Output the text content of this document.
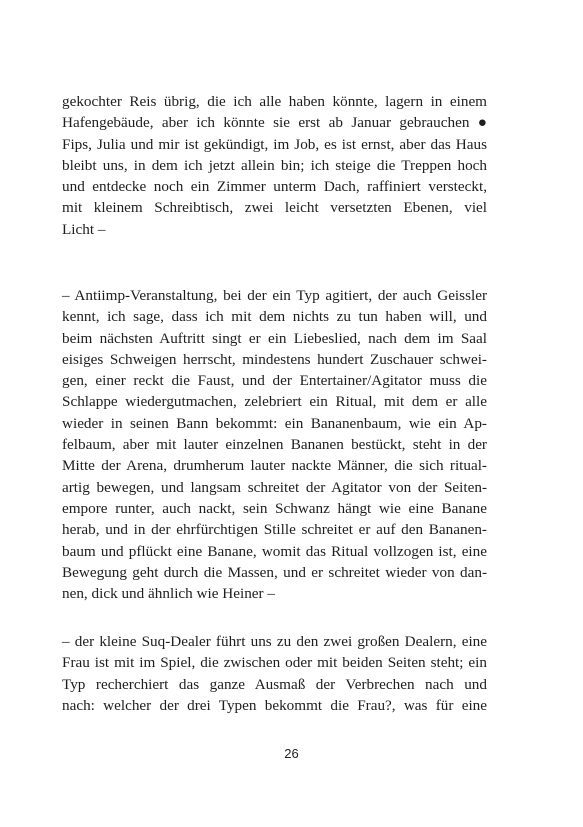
gekochter Reis übrig, die ich alle haben könnte, lagern in einem
Hafengebäude, aber ich könnte sie erst ab Januar gebrauchen ●
Fips, Julia und mir ist gekündigt, im Job, es ist ernst, aber das Haus
bleibt uns, in dem ich jetzt allein bin; ich steige die Treppen hoch
und entdecke noch ein Zimmer unterm Dach, raffiniert versteckt,
mit kleinem Schreibtisch, zwei leicht versetzten Ebenen, viel
Licht –
– Antiimp-Veranstaltung, bei der ein Typ agitiert, der auch Geissler
kennt, ich sage, dass ich mit dem nichts zu tun haben will, und
beim nächsten Auftritt singt er ein Liebeslied, nach dem im Saal
eisiges Schweigen herrscht, mindestens hundert Zuschauer schwei-
gen, einer reckt die Faust, und der Entertainer/Agitator muss die
Schlappe wiedergutmachen, zelebriert ein Ritual, mit dem er alle
wieder in seinen Bann bekommt: ein Bananenbaum, wie ein Ap-
felbaum, aber mit lauter einzelnen Bananen bestückt, steht in der
Mitte der Arena, drumherum lauter nackte Männer, die sich ritual-
artig bewegen, und langsam schreitet der Agitator von der Seiten-
empore runter, auch nackt, sein Schwanz hängt wie eine Banane
herab, und in der ehrfürchtigen Stille schreitet er auf den Bananen-
baum und pflückt eine Banane, womit das Ritual vollzogen ist, eine
Bewegung geht durch die Massen, und er schreitet wieder von dan-
nen, dick und ähnlich wie Heiner –
– der kleine Suq-Dealer führt uns zu den zwei großen Dealern, eine
Frau ist mit im Spiel, die zwischen oder mit beiden Seiten steht; ein
Typ recherchiert das ganze Ausmaß der Verbrechen nach und
nach: welcher der drei Typen bekommt die Frau?, was für eine
26
